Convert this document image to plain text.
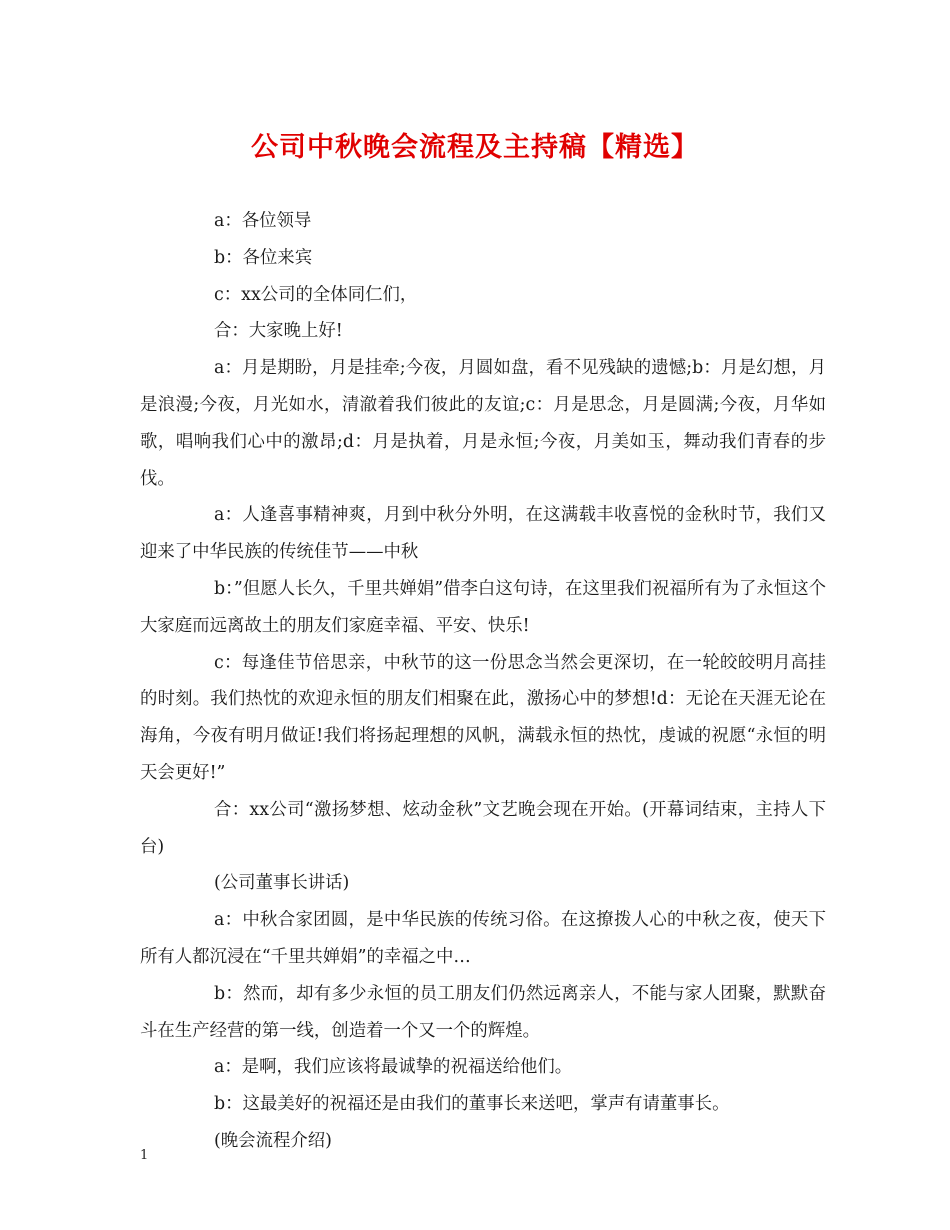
公司中秋晚会流程及主持稿【精选】

a：各位领导

b：各位来宾

c：xx公司的全体同仁们，

合：大家晚上好!

a：月是期盼，月是挂牵;今夜，月圆如盘，看不见残缺的遗憾;b：月是幻想，月是浪漫;今夜，月光如水，清澈着我们彼此的友谊;c：月是思念，月是圆满;今夜，月华如歌，唱响我们心中的激昂;d：月是执着，月是永恒;今夜，月美如玉，舞动我们青春的步伐。

a：人逢喜事精神爽，月到中秋分外明，在这满载丰收喜悦的金秋时节，我们又迎来了中华民族的传统佳节——中秋

b：”但愿人长久，千里共婵娟”借李白这句诗，在这里我们祝福所有为了永恒这个大家庭而远离故土的朋友们家庭幸福、平安、快乐!

c：每逢佳节倍思亲，中秋节的这一份思念当然会更深切，在一轮皎皎明月高挂的时刻。我们热忱的欢迎永恒的朋友们相聚在此，激扬心中的梦想!d：无论在天涯无论在海角，今夜有明月做证!我们将扬起理想的风帆，满载永恒的热忱，虔诚的祝愿“永恒的明天会更好!”

合：xx公司“激扬梦想、炫动金秋”文艺晚会现在开始。(开幕词结束，主持人下台)

(公司董事长讲话)

a：中秋合家团圆，是中华民族的传统习俗。在这撩拨人心的中秋之夜，使天下所有人都沉浸在“千里共婵娟”的幸福之中…

b：然而，却有多少永恒的员工朋友们仍然远离亲人，不能与家人团聚，默默奋斗在生产经营的第一线，创造着一个又一个的辉煌。

a：是啊，我们应该将最诚挚的祝福送给他们。

b：这最美好的祝福还是由我们的董事长来送吧，掌声有请董事长。

(晚会流程介绍)

1
